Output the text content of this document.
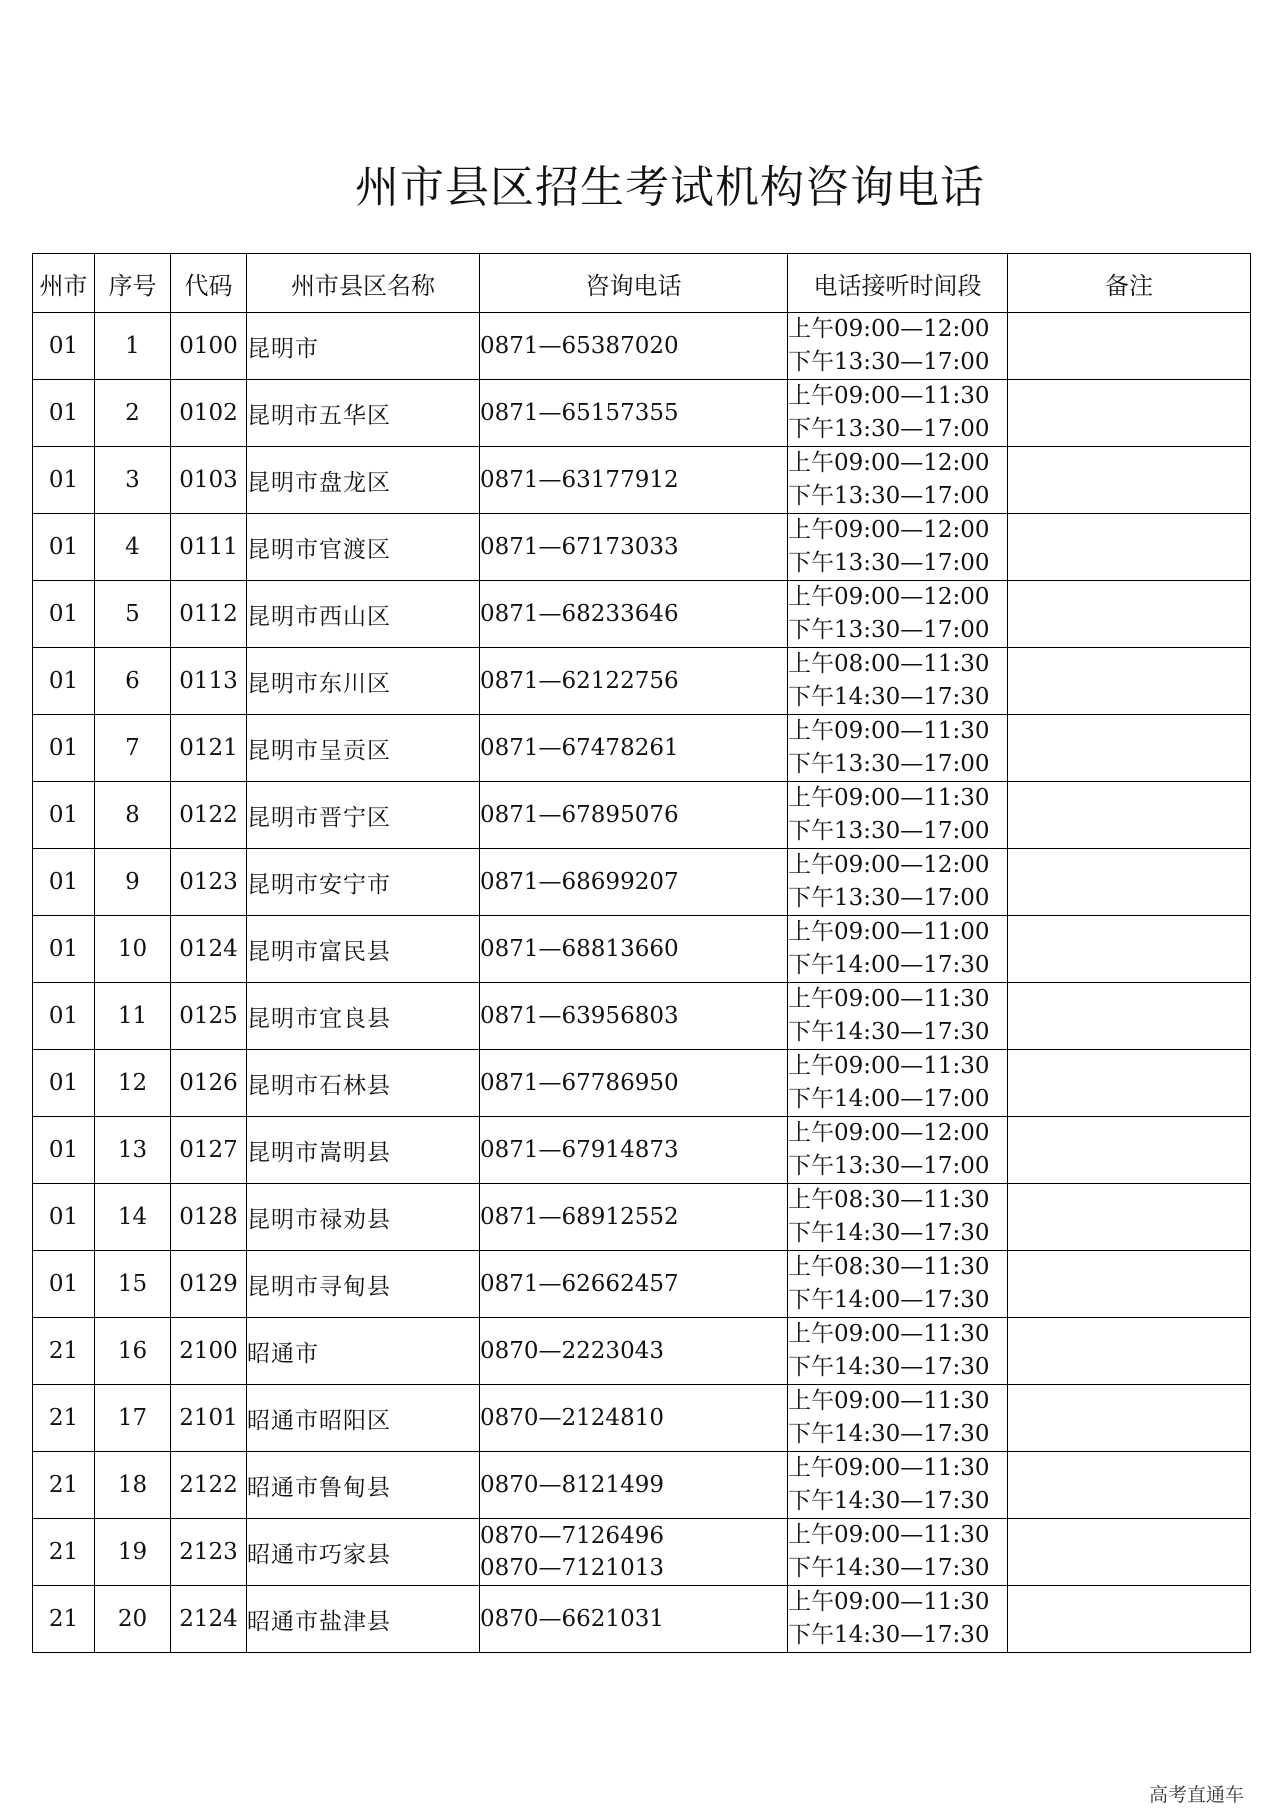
州市县区招生考试机构咨询电话
州市	序号	代码	州市县区名称	咨询电话	电话接听时间段	备注
01	1	0100	昆明市	0871—65387020	上午09:00—12:00
下午13:30—17:00	

01	2	0102	昆明市五华区	0871—65157355	上午09:00—11:30
下午13:30—17:00	

01	3	0103	昆明市盘龙区	0871—63177912	上午09:00—12:00
下午13:30—17:00	

01	4	0111	昆明市官渡区	0871—67173033	上午09:00—12:00
下午13:30—17:00	

01	5	0112	昆明市西山区	0871—68233646	上午09:00—12:00
下午13:30—17:00	

01	6	0113	昆明市东川区	0871—62122756	上午08:00—11:30
下午14:30—17:30	

01	7	0121	昆明市呈贡区	0871—67478261	上午09:00—11:30
下午13:30—17:00	

01	8	0122	昆明市晋宁区	0871—67895076	上午09:00—11:30
下午13:30—17:00	

01	9	0123	昆明市安宁市	0871—68699207	上午09:00—12:00
下午13:30—17:00	

01	10	0124	昆明市富民县	0871—68813660	上午09:00—11:00
下午14:00—17:30	

01	11	0125	昆明市宜良县	0871—63956803	上午09:00—11:30
下午14:30—17:30	

01	12	0126	昆明市石林县	0871—67786950	上午09:00—11:30
下午14:00—17:00	

01	13	0127	昆明市嵩明县	0871—67914873	上午09:00—12:00
下午13:30—17:00	

01	14	0128	昆明市禄劝县	0871—68912552	上午08:30—11:30
下午14:30—17:30	

01	15	0129	昆明市寻甸县	0871—62662457	上午08:30—11:30
下午14:00—17:30	

21	16	2100	昭通市	0870—2223043	上午09:00—11:30
下午14:30—17:30	

21	17	2101	昭通市昭阳区	0870—2124810	上午09:00—11:30
下午14:30—17:30	

21	18	2122	昭通市鲁甸县	0870—8121499	上午09:00—11:30
下午14:30—17:30	

21	19	2123	昭通市巧家县	0870—7126496
0870—7121013	上午09:00—11:30
下午14:30—17:30	

21	20	2124	昭通市盐津县	0870—6621031	上午09:00—11:30
下午14:30—17:30	

高考直通车
